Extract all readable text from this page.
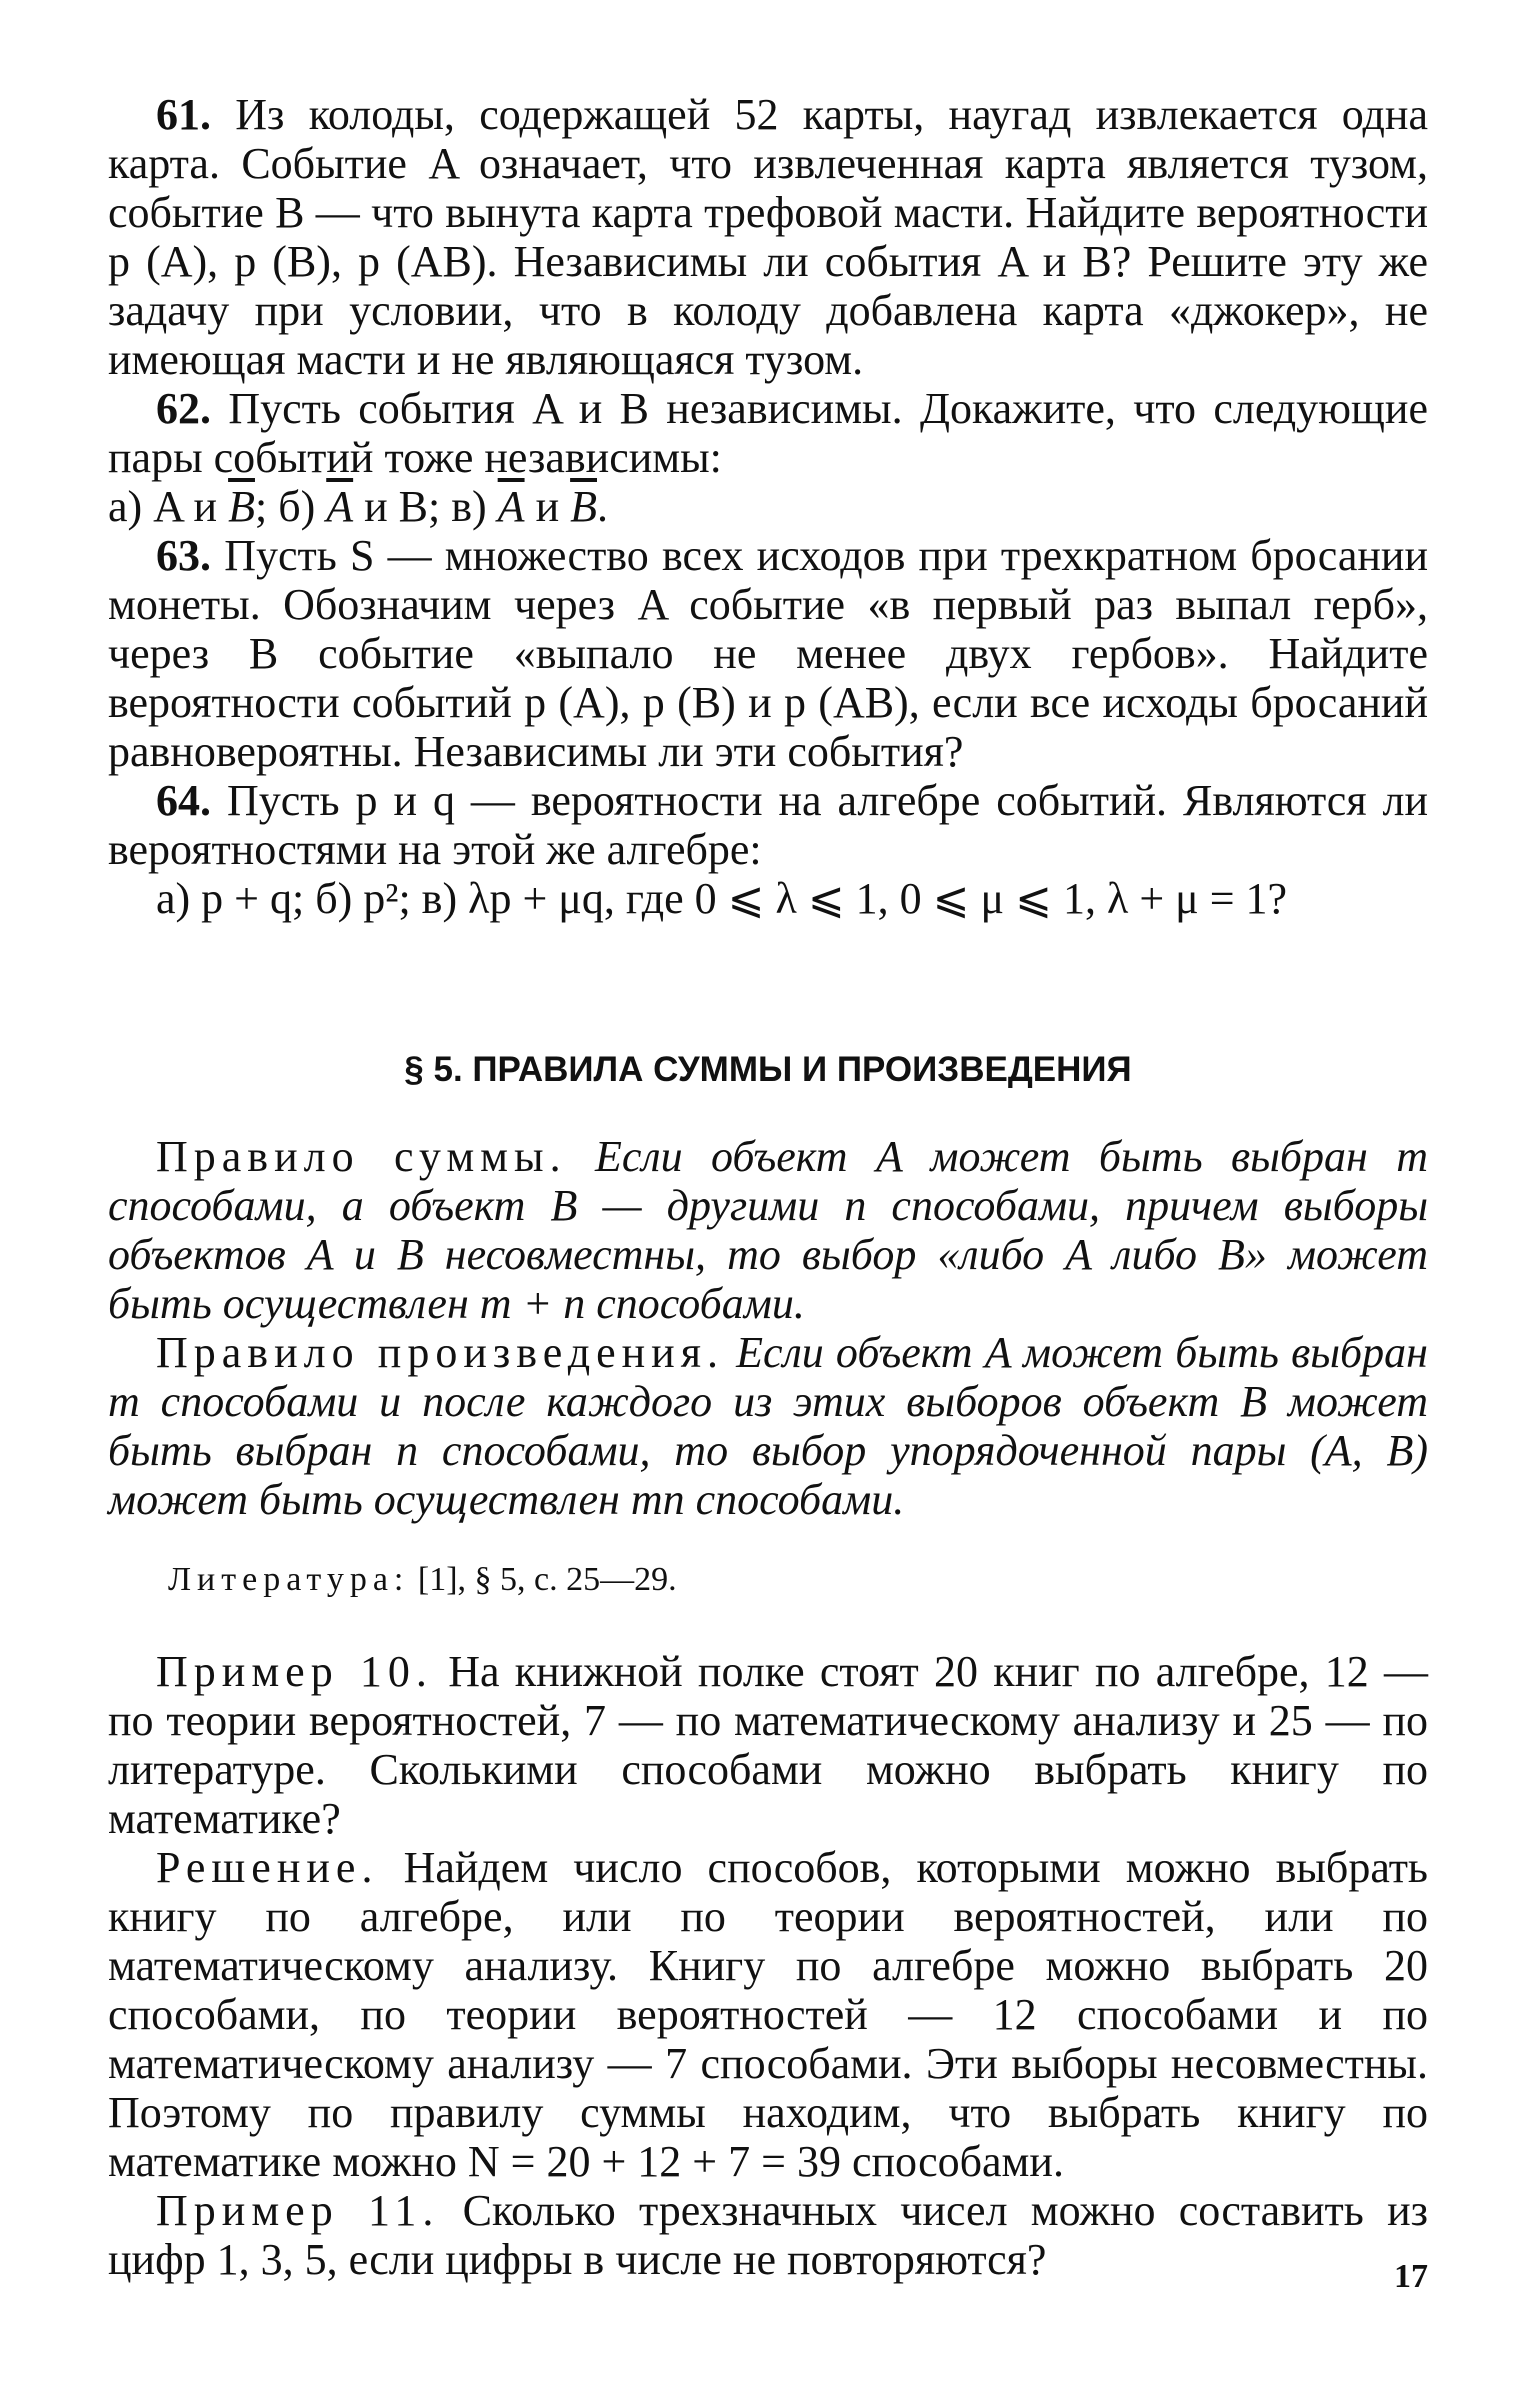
61. Из колоды, содержащей 52 карты, наугад извлекается одна карта. Событие A означает, что извлеченная карта является тузом, событие B — что вынута карта трефовой масти. Найдите вероятности p (A), p (B), p (AB). Независимы ли события A и B? Решите эту же задачу при условии, что в колоду добавлена карта «джокер», не имеющая масти и не являющаяся тузом.

62. Пусть события A и B независимы. Докажите, что следующие пары событий тоже независимы:

а) A и $\overline{B}$; б) $\overline{A}$ и B; в) $\overline{A}$ и $\overline{B}$.

63. Пусть S — множество всех исходов при трехкратном бросании монеты. Обозначим через A событие «в первый раз выпал герб», через B событие «выпало не менее двух гербов». Найдите вероятности событий p (A), p (B) и p (AB), если все исходы бросаний равновероятны. Независимы ли эти события?

64. Пусть p и q — вероятности на алгебре событий. Являются ли вероятностями на этой же алгебре:

а) p + q; б) p²; в) λp + μq, где 0 ⩽ λ ⩽ 1, 0 ⩽ μ ⩽ 1, λ + μ = 1?

§ 5. ПРАВИЛА СУММЫ И ПРОИЗВЕДЕНИЯ

Правило суммы. Если объект A может быть выбран m способами, а объект B — другими n способами, причем выборы объектов A и B несовместны, то выбор «либо A либо B» может быть осуществлен m + n способами.

Правило произведения. Если объект A может быть выбран m способами и после каждого из этих выборов объект B может быть выбран n способами, то выбор упорядоченной пары (A, B) может быть осуществлен mn способами.

Литература: [1], § 5, с. 25—29.

Пример 10. На книжной полке стоят 20 книг по алгебре, 12 — по теории вероятностей, 7 — по математическому анализу и 25 — по литературе. Сколькими способами можно выбрать книгу по математике?

Решение. Найдем число способов, которыми можно выбрать книгу по алгебре, или по теории вероятностей, или по математическому анализу. Книгу по алгебре можно выбрать 20 способами, по теории вероятностей — 12 способами и по математическому анализу — 7 способами. Эти выборы несовместны. Поэтому по правилу суммы находим, что выбрать книгу по математике можно N = 20 + 12 + 7 = 39 способами.

Пример 11. Сколько трехзначных чисел можно составить из цифр 1, 3, 5, если цифры в числе не повторяются?	17
